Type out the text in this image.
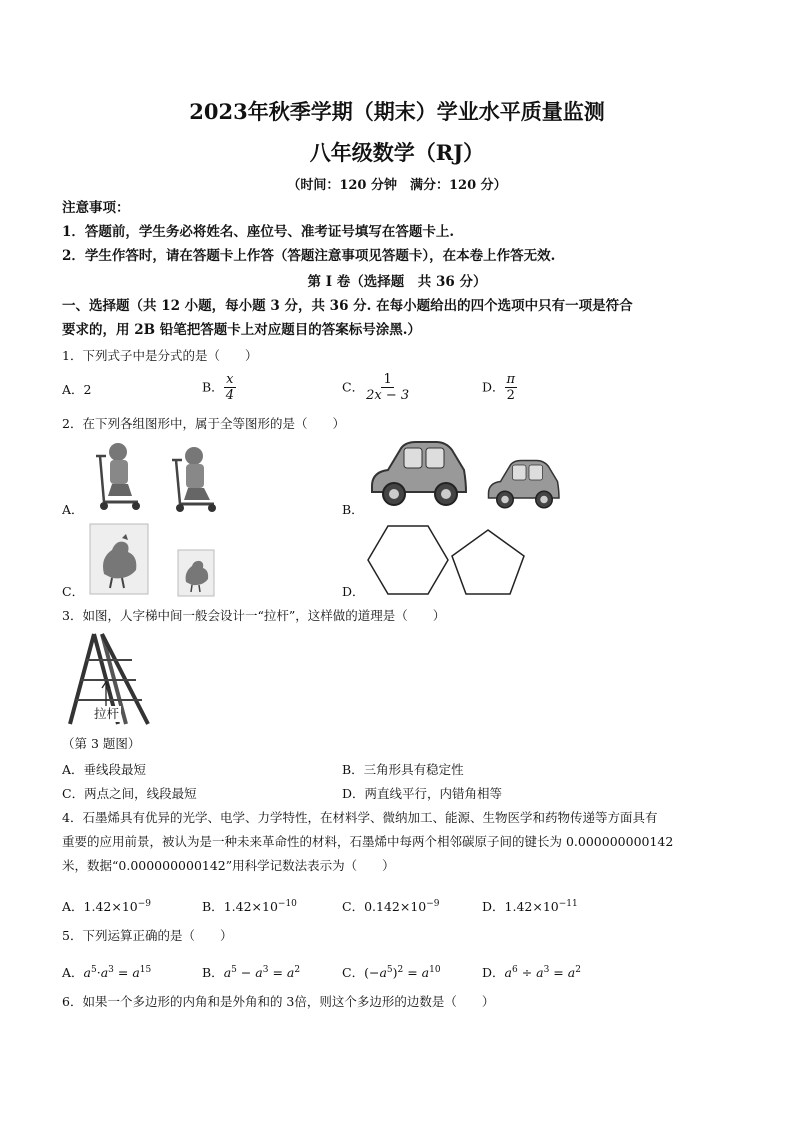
2023年秋季学期（期末）学业水平质量监测
八年级数学（RJ）
（时间：120 分钟　满分：120 分）
注意事项：
1．答题前，学生务必将姓名、座位号、准考证号填写在答题卡上.
2．学生作答时，请在答题卡上作答（答题注意事项见答题卡），在本卷上作答无效.
第 I 卷（选择题　共 36 分）
一、选择题（共 12 小题，每小题 3 分，共 36 分. 在每小题给出的四个选项中只有一项是符合
要求的，用 2B 铅笔把答题卡上对应题目的答案标号涂黑.）
1．下列式子中是分式的是（　　）
A．2	B． $\frac{x}{4}$	C． $\frac{1}{2x - 3}$	D． $\frac{\pi}{2}$
2．在下列各组图形中，属于全等图形的是（　　）
A．	B．
C．	D．
3．如图，人字梯中间一般会设计一“拉杆”，这样做的道理是（　　）
拉杆
（第 3 题图）
A．垂线段最短	B．三角形具有稳定性
C．两点之间，线段最短	D．两直线平行，内错角相等
4．石墨烯具有优异的光学、电学、力学特性，在材料学、微纳加工、能源、生物医学和药物传递等方面具有
重要的应用前景，被认为是一种未来革命性的材料，石墨烯中每两个相邻碳原子间的键长为 0.000000000142
米，数据“0.000000000142”用科学记数法表示为（　　）
A．$1.42\times 10^{-9}$	B．$1.42\times 10^{-10}$	C．$0.142\times 10^{-9}$	D．$1.42\times 10^{-11}$
5．下列运算正确的是（　　）
A．$a^5\cdot a^3 = a^{15}$	B．$a^5 - a^3 = a^2$	C．$(-a^5)^2 = a^{10}$	D．$a^6 \div a^3 = a^2$
6．如果一个多边形的内角和是外角和的 3倍，则这个多边形的边数是（　　）
